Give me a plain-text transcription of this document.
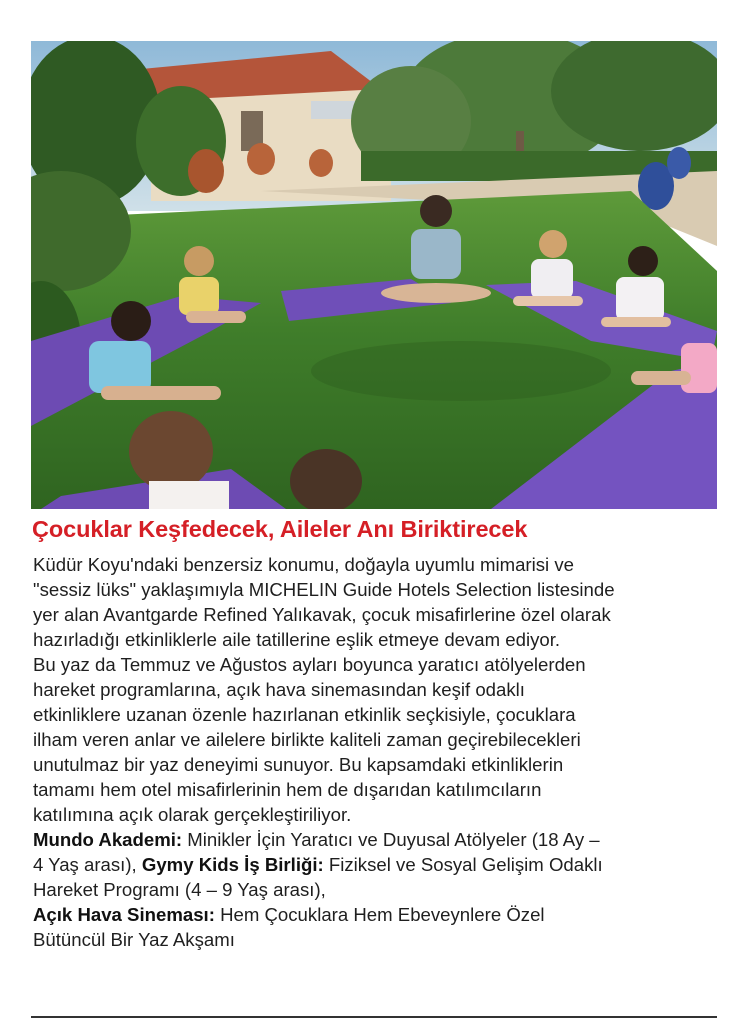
Çocuklar Keşfedecek, Aileler Anı Biriktirecek

Küdür Koyu'ndaki benzersiz konumu, doğayla uyumlu mimarisi ve
"sessiz lüks" yaklaşımıyla MICHELIN Guide Hotels Selection listesinde
yer alan Avantgarde Refined Yalıkavak, çocuk misafirlerine özel olarak
hazırladığı etkinliklerle aile tatillerine eşlik etmeye devam ediyor.

Bu yaz da Temmuz ve Ağustos ayları boyunca yaratıcı atölyelerden
hareket programlarına, açık hava sinemasından keşif odaklı
etkinliklere uzanan özenle hazırlanan etkinlik seçkisiyle, çocuklara
ilham veren anlar ve ailelere birlikte kaliteli zaman geçirebilecekleri
unutulmaz bir yaz deneyimi sunuyor. Bu kapsamdaki etkinliklerin
tamamı hem otel misafirlerinin hem de dışarıdan katılımcıların
katılımına açık olarak gerçekleştiriliyor.

Mundo Akademi: Minikler İçin Yaratıcı ve Duyusal Atölyeler (18 Ay –
4 Yaş arası), Gymy Kids İş Birliği: Fiziksel ve Sosyal Gelişim Odaklı
Hareket Programı (4 – 9 Yaş arası),
Açık Hava Sineması: Hem Çocuklara Hem Ebeveynlere Özel
Bütüncül Bir Yaz Akşamı
